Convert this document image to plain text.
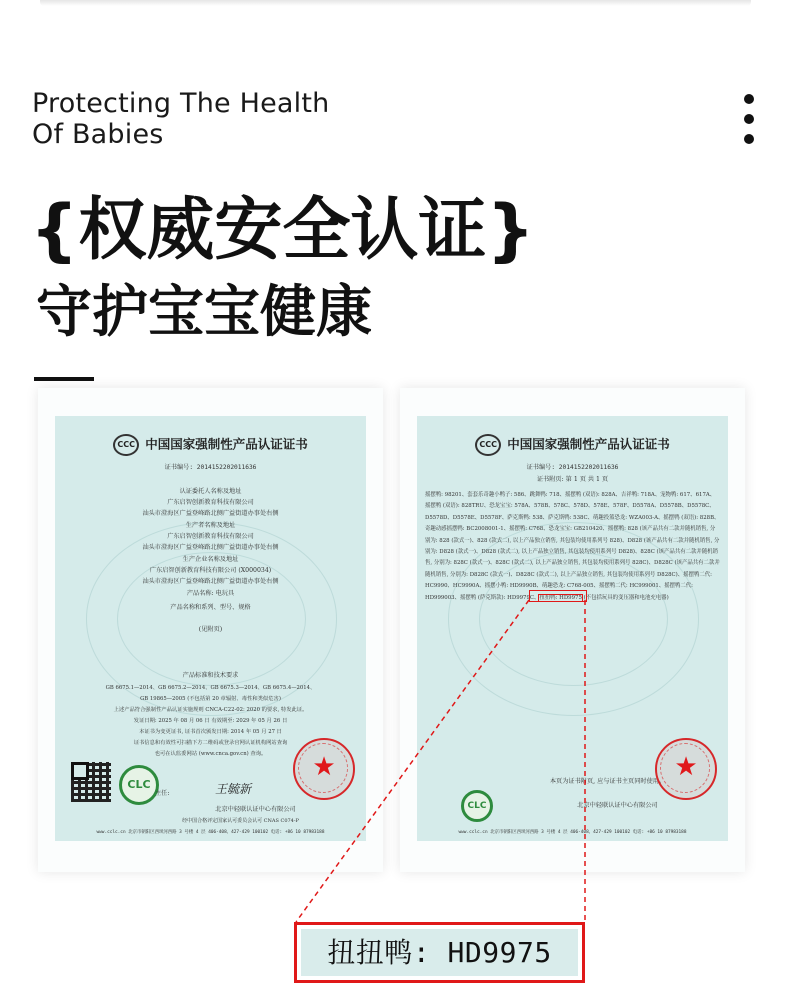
Protecting The Health
Of Babies
{权威安全认证}
守护宝宝健康
CCC 中国国家强制性产品认证证书
证书编号: 2014152202011636
认证委托人名称及地址
广东启智创新教育科技有限公司
汕头市澄海区广益登峰路北侧广益街道办事处右侧
生产者名称及地址
广东启智创新教育科技有限公司
汕头市澄海区广益登峰路北侧广益街道办事处右侧
生产企业名称及地址
广东启智创新教育科技有限公司 (X000034)
汕头市澄海区广益登峰路北侧广益街道办事处右侧
产品名称: 电玩具
产品名称和系列、型号、规格
(见附页)
产品标准和技术要求
GB 6675.1—2014、GB 6675.2—2014、GB 6675.3—2014、GB 6675.4—2014、
GB 19865—2005 (不包括第 20 章辐射、毒性和类似危害)
上述产品符合强制性产品认证实施规则 CNCA-C22-02: 2020 的要求, 特发此证。
发证日期: 2025 年 08 月 06 日 有效期至: 2029 年 05 月 26 日
本证书为变更证书, 证书首次颁发日期: 2014 年 05 月 27 日
证书信息和有效性可扫描下方二维码或登录官网认证机构网站查询
也可在认监委网站 (www.cnca.gov.cn) 查询。
CLC
主任:	王毓新
★
北京中轻联认证中心有限公司
经中国合格评定国家认可委员会认可 CNAS C074-P
www.cclc.cn 北京市朝阳区西坝河西路 3 号楼 4 层 406-408、427-429 100102 电话: +86 10 87983188
CCC 中国国家强制性产品认证证书
证书编号: 2014152202011636
证书附页: 第 1 页 共 1 页
摇摆鸭: 98201、套套乐奇趣小鸭子: 586、跳舞鸭: 718、摇摆鸭 (双语): 828A、吉祥鸭: 718A、宠物鸭: 617、617A、摇摆鸭 (双语): 828TRU、恐龙宝宝: 578A、578B、578C、578D、578E、578F、D5578A、D5578B、D5578C、D5578D、D5578E、D5578F、萨克斯鸭: 538、萨克斯鸭: 538C、萌趣投篮恐龙: WZA003-A、摇摆鸭 (双语): 828B、奇趣动感摇摆鸭: BC2008001-1、摇摆鸭: C768、恐龙宝宝: GB210420、摇摆鸭: 828 (该产品共有二款并随机销售, 分别为: 828 (款式一)、828 (款式二), 以上产品独立销售, 其包装均使用系列号 828)、D828 (该产品共有二款并随机销售, 分别为: D828 (款式一)、D828 (款式二), 以上产品独立销售, 其包装均使用系列号 D828)、828C (该产品共有二款并随机销售, 分别为: 828C (款式一)、828C (款式二), 以上产品独立销售, 其包装均使用系列号 828C)、D828C (该产品共有二款并随机销售, 分别为: D828C (款式一)、D828C (款式二), 以上产品独立销售, 其包装均使用系列号 D828C)、摇摆鸭二代: HC9990、HC9990A、摇摆小鸭: HD9990B、萌趣恐龙: C768-005、摇摆鸭二代: HC999001、摇摆鸭二代: HD999003、摇摆鸭 (萨克斯款): HD9979C、扭扭鸭: HD9975 (不包括玩具的变压器和电池充电器)
本页为证书附页, 应与证书主页同时使用。
CLC	北京中轻联认证中心有限公司
★
www.cclc.cn 北京市朝阳区西坝河西路 3 号楼 4 层 406-408、427-429 100102 电话: +86 10 87983188
扭扭鸭: HD9975
